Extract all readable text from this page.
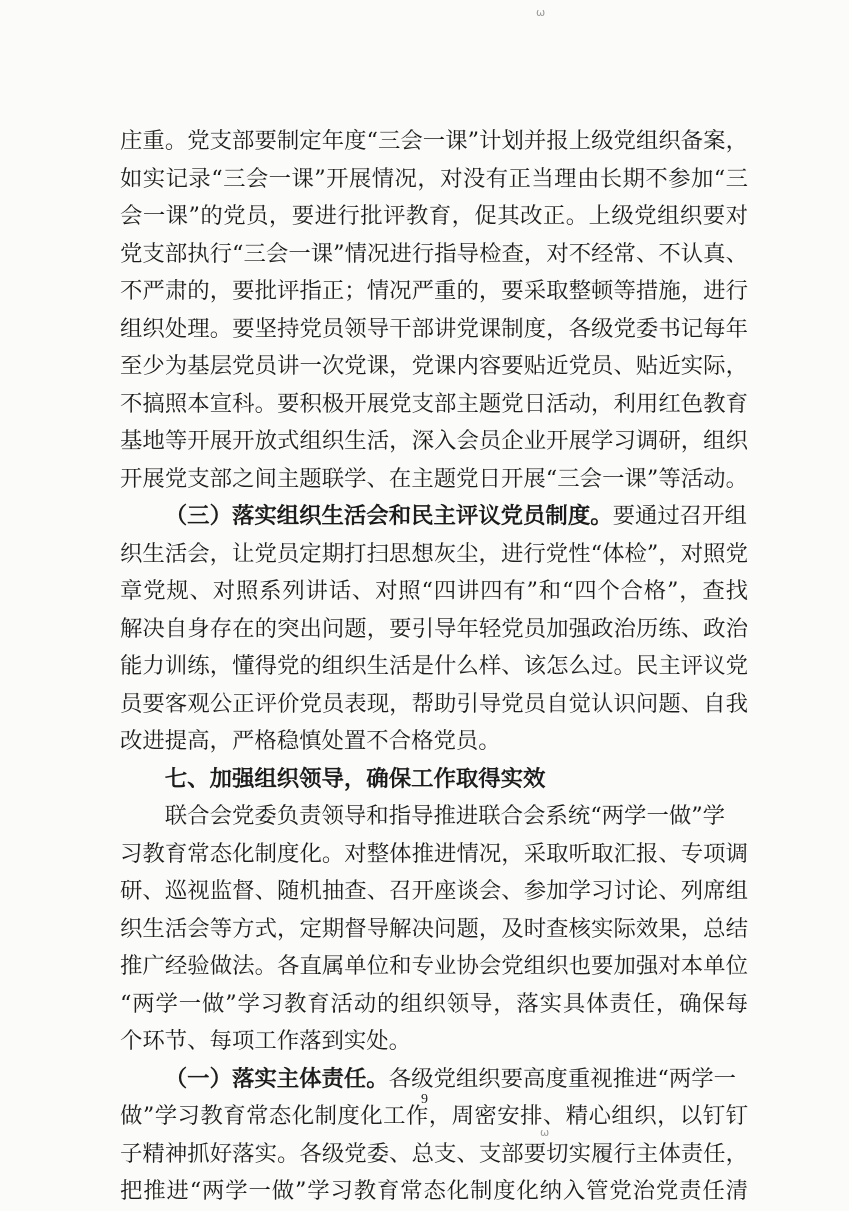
ω
庄重。党支部要制定年度“三会一课”计划并报上级党组织备案，
如实记录“三会一课”开展情况，对没有正当理由长期不参加“三
会一课”的党员，要进行批评教育，促其改正。上级党组织要对
党支部执行“三会一课”情况进行指导检查，对不经常、不认真、
不严肃的，要批评指正；情况严重的，要采取整顿等措施，进行
组织处理。要坚持党员领导干部讲党课制度，各级党委书记每年
至少为基层党员讲一次党课，党课内容要贴近党员、贴近实际，
不搞照本宣科。要积极开展党支部主题党日活动，利用红色教育
基地等开展开放式组织生活，深入会员企业开展学习调研，组织
开展党支部之间主题联学、在主题党日开展“三会一课”等活动。
（三）落实组织生活会和民主评议党员制度。要通过召开组
织生活会，让党员定期打扫思想灰尘，进行党性“体检”，对照党
章党规、对照系列讲话、对照“四讲四有”和“四个合格”，查找
解决自身存在的突出问题，要引导年轻党员加强政治历练、政治
能力训练，懂得党的组织生活是什么样、该怎么过。民主评议党
员要客观公正评价党员表现，帮助引导党员自觉认识问题、自我
改进提高，严格稳慎处置不合格党员。
七、加强组织领导，确保工作取得实效
联合会党委负责领导和指导推进联合会系统“两学一做”学
习教育常态化制度化。对整体推进情况，采取听取汇报、专项调
研、巡视监督、随机抽查、召开座谈会、参加学习讨论、列席组
织生活会等方式，定期督导解决问题，及时查核实际效果，总结
推广经验做法。各直属单位和专业协会党组织也要加强对本单位
“两学一做”学习教育活动的组织领导，落实具体责任，确保每
个环节、每项工作落到实处。
（一）落实主体责任。各级党组织要高度重视推进“两学一
做”学习教育常态化制度化工作，周密安排、精心组织，以钉钉
子精神抓好落实。各级党委、总支、支部要切实履行主体责任，
把推进“两学一做”学习教育常态化制度化纳入管党治党责任清
9
ω
